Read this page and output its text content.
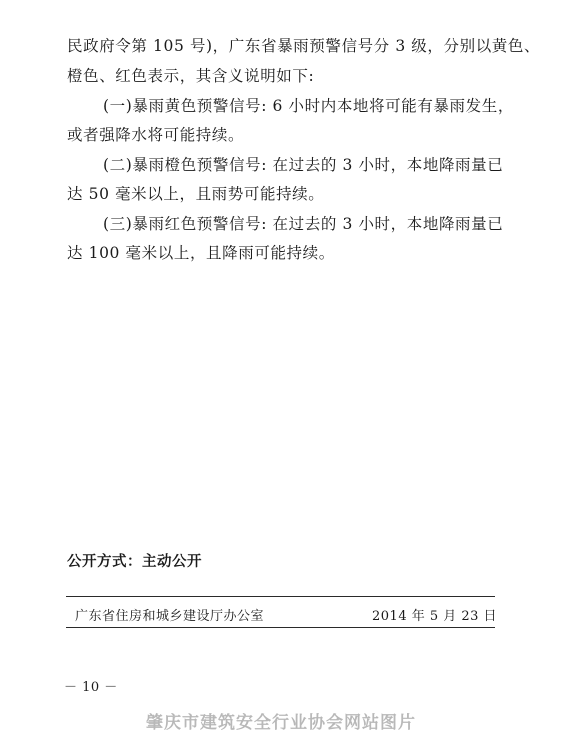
民政府令第 105 号)，广东省暴雨预警信号分 3 级，分别以黄色、
橙色、红色表示，其含义说明如下:
(一)暴雨黄色预警信号: 6 小时内本地将可能有暴雨发生，
或者强降水将可能持续。
(二)暴雨橙色预警信号: 在过去的 3 小时，本地降雨量已
达 50 毫米以上，且雨势可能持续。
(三)暴雨红色预警信号: 在过去的 3 小时，本地降雨量已
达 100 毫米以上，且降雨可能持续。
公开方式：主动公开
广东省住房和城乡建设厅办公室	2014 年 5 月 23 日
－ 10 －
肇庆市建筑安全行业协会网站图片
